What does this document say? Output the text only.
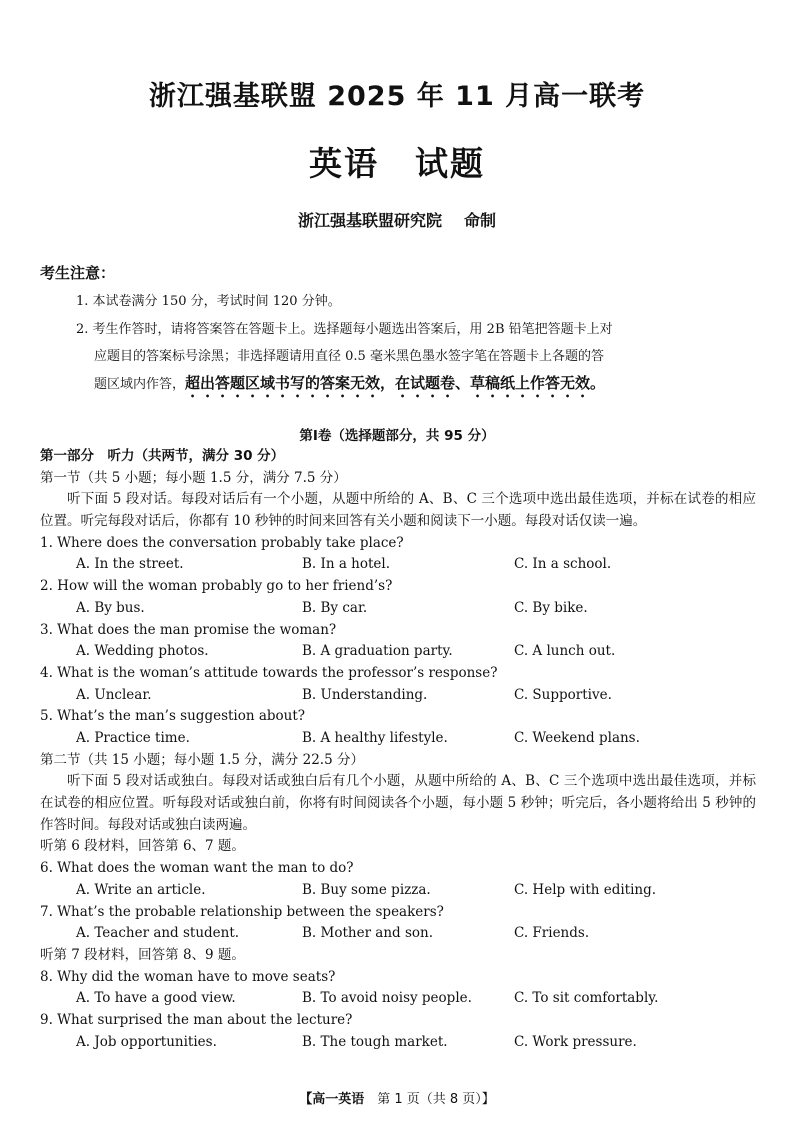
浙江强基联盟 2025 年 11 月高一联考
英语 试题
浙江强基联盟研究院 命制
考生注意：
1. 本试卷满分 150 分，考试时间 120 分钟。
2. 考生作答时，请将答案答在答题卡上。选择题每小题选出答案后，用 2B 铅笔把答题卡上对
应题目的答案标号涂黑；非选择题请用直径 0.5 毫米黑色墨水签字笔在答题卡上各题的答
题区域内作答，超出答题区域书写的答案无效，在试题卷、草稿纸上作答无效。
第Ⅰ卷（选择题部分，共 95 分）
第一部分　听力（共两节，满分 30 分）
第一节（共 5 小题；每小题 1.5 分，满分 7.5 分）
听下面 5 段对话。每段对话后有一个小题，从题中所给的 A、B、C 三个选项中选出最佳选项，并标在试卷的相应位置。听完每段对话后，你都有 10 秒钟的时间来回答有关小题和阅读下一小题。每段对话仅读一遍。
1. Where does the conversation probably take place?
A. In the street.	B. In a hotel.	C. In a school.
2. How will the woman probably go to her friend’s?
A. By bus.	B. By car.	C. By bike.
3. What does the man promise the woman?
A. Wedding photos.	B. A graduation party.	C. A lunch out.
4. What is the woman’s attitude towards the professor’s response?
A. Unclear.	B. Understanding.	C. Supportive.
5. What’s the man’s suggestion about?
A. Practice time.	B. A healthy lifestyle.	C. Weekend plans.
第二节（共 15 小题；每小题 1.5 分，满分 22.5 分）
听下面 5 段对话或独白。每段对话或独白后有几个小题，从题中所给的 A、B、C 三个选项中选出最佳选项，并标在试卷的相应位置。听每段对话或独白前，你将有时间阅读各个小题，每小题 5 秒钟；听完后，各小题将给出 5 秒钟的作答时间。每段对话或独白读两遍。
听第 6 段材料，回答第 6、7 题。
6. What does the woman want the man to do?
A. Write an article.	B. Buy some pizza.	C. Help with editing.
7. What’s the probable relationship between the speakers?
A. Teacher and student.	B. Mother and son.	C. Friends.
听第 7 段材料，回答第 8、9 题。
8. Why did the woman have to move seats?
A. To have a good view.	B. To avoid noisy people.	C. To sit comfortably.
9. What surprised the man about the lecture?
A. Job opportunities.	B. The tough market.	C. Work pressure.
【高一英语　 第 1 页（共 8 页）】
